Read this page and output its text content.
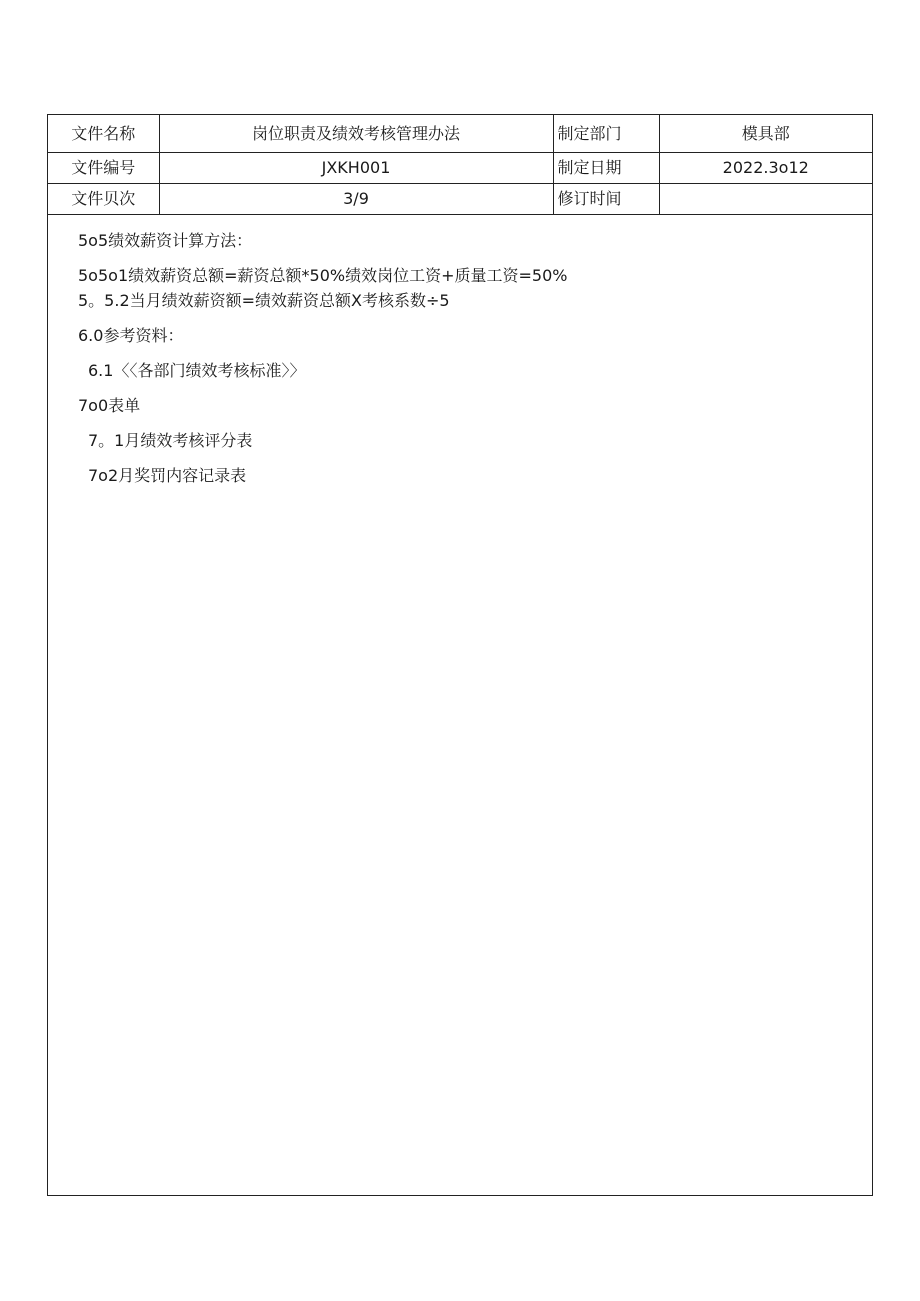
文件名称	岗位职责及绩效考核管理办法	制定部门	模具部
文件编号	JXKH001	制定日期	2022.3o12
文件贝次	3/9	修订时间	
5o5绩效薪资计算方法：
5o5o1绩效薪资总额=薪资总额*50%绩效岗位工资+质量工资=50%
5。5.2当月绩效薪资额=绩效薪资总额X考核系数÷5
6.0参考资料：
6.1〈〈各部门绩效考核标准〉〉
7o0表单
7。1月绩效考核评分表
7o2月奖罚内容记录表
